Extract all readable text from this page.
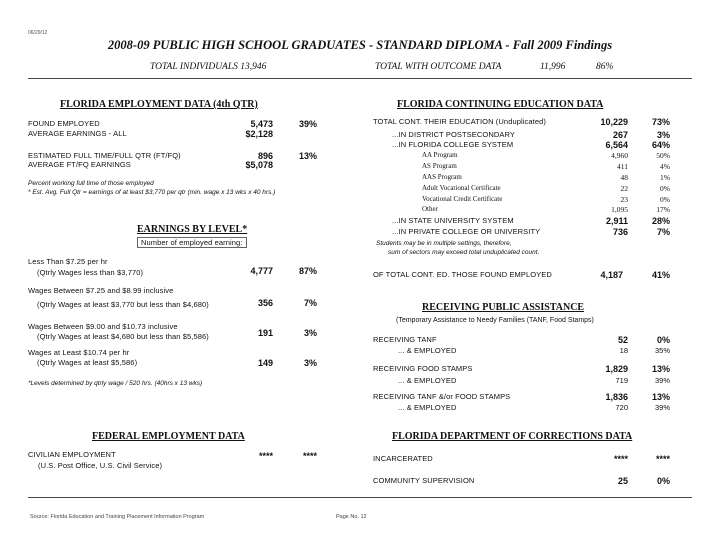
06/29/12
2008-09 PUBLIC HIGH SCHOOL GRADUATES - STANDARD DIPLOMA - Fall 2009 Findings
TOTAL INDIVIDUALS 13,946	TOTAL WITH OUTCOME DATA	11,996	86%
FLORIDA EMPLOYMENT DATA (4th QTR)
FOUND EMPLOYED	5,473	39%
AVERAGE EARNINGS - ALL	$2,128
ESTIMATED FULL TIME/FULL QTR (FT/FQ)	896	13%
AVERAGE FT/FQ EARNINGS	$5,078
Percent working full time of those employed
* Est. Avg. Full Qtr = earnings of at least $3,770 per qtr (min. wage x 13 wks x 40 hrs.)
EARNINGS BY LEVEL*
Number of employed earning:
Less Than $7.25 per hr
(Qtrly Wages less than $3,770)	4,777	87%
Wages Between $7.25 and $8.99 inclusive
(Qtrly Wages at least $3,770 but less than $4,680)	356	7%
Wages Between $9.00 and $10.73 inclusive
(Qtrly Wages at least $4,680 but less than $5,586)	191	3%
Wages at Least $10.74 per hr
(Qtrly Wages at least $5,586)	149	3%
*Levels determined by qtrly wage / 520 hrs. (40hrs x 13 wks)
FLORIDA CONTINUING EDUCATION DATA
TOTAL CONT. THEIR EDUCATION (Unduplicated)	10,229	73%
...IN DISTRICT POSTSECONDARY	267	3%
...IN FLORIDA COLLEGE SYSTEM	6,564	64%
AA Program	4,960	50%
AS Program	411	4%
AAS Program	48	1%
Adult Vocational Certificate	22	0%
Vocational Credit Certificate	23	0%
Other	1,095	17%
...IN STATE UNIVERSITY SYSTEM	2,911	28%
...IN PRIVATE COLLEGE OR UNIVERSITY	736	7%
Students may be in multiple settings, therefore,
sum of sectors may exceed total unduplicated count.
OF TOTAL CONT. ED. THOSE FOUND EMPLOYED	4,187	41%
RECEIVING PUBLIC ASSISTANCE
(Temporary Assistance to Needy Families (TANF, Food Stamps)
RECEIVING TANF	52	0%
... & EMPLOYED	18	35%
RECEIVING FOOD STAMPS	1,829	13%
... & EMPLOYED	719	39%
RECEIVING TANF &/or FOOD STAMPS	1,836	13%
... & EMPLOYED	720	39%
FEDERAL EMPLOYMENT DATA
CIVILIAN EMPLOYMENT
(U.S. Post Office, U.S. Civil Service)
****	****
FLORIDA DEPARTMENT OF CORRECTIONS DATA
INCARCERATED	****	****
COMMUNITY SUPERVISION	25	0%
Source: Florida Education and Training Placement Information Program	Page No. 12
